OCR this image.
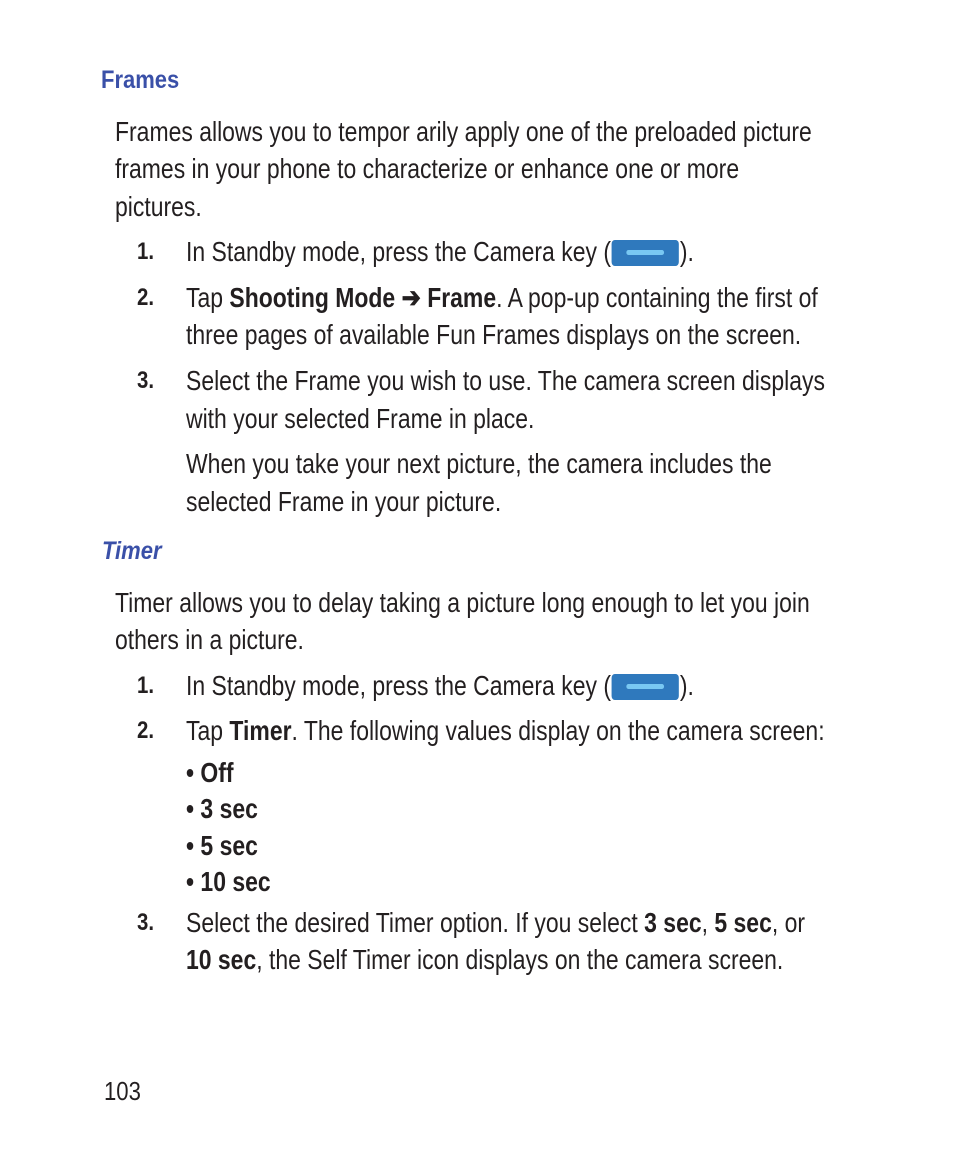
Frames
Frames allows you to tempor arily apply one of the preloaded picture
frames in your phone to characterize or enhance one or more
pictures.
1. In Standby mode, press the Camera key ( ).
2. Tap Shooting Mode ➔ Frame. A pop-up containing the first of
three pages of available Fun Frames displays on the screen.
3. Select the Frame you wish to use. The camera screen displays
with your selected Frame in place.
When you take your next picture, the camera includes the
selected Frame in your picture.
Timer
Timer allows you to delay taking a picture long enough to let you join
others in a picture.
1. In Standby mode, press the Camera key ( ).
2. Tap Timer. The following values display on the camera screen:
• Off
• 3 sec
• 5 sec
• 10 sec
3. Select the desired Timer option. If you select 3 sec, 5 sec, or
10 sec, the Self Timer icon displays on the camera screen.
103
